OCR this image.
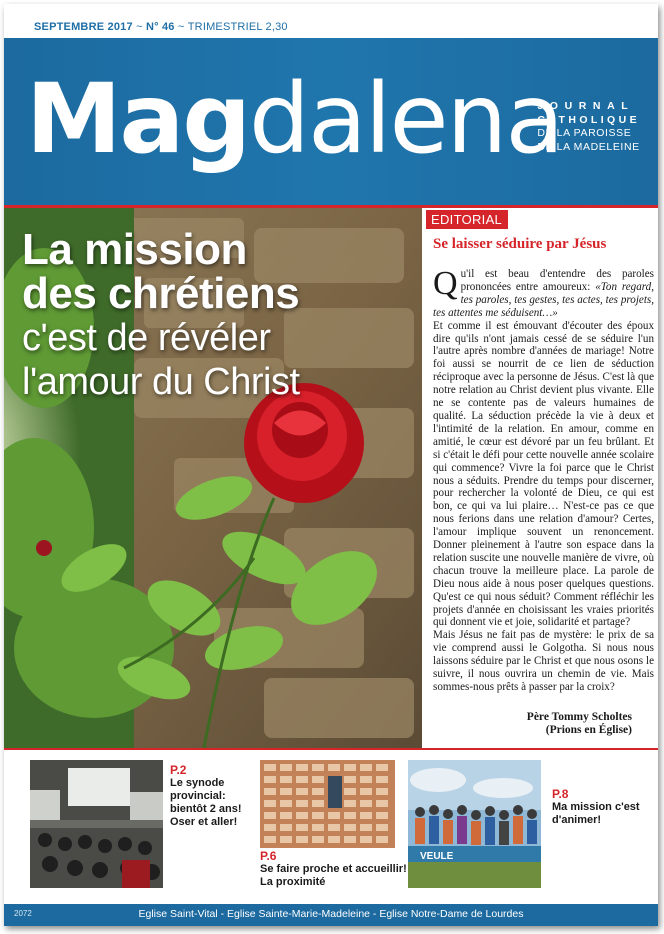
SEPTEMBRE 2017 ~ N° 46 ~ TRIMESTRIEL 2,30
Magdalena
JOURNAL
CATHOLIQUE
DE LA PAROISSE
DE LA MADELEINE
La mission
des chrétiens
c'est de révéler
l'amour du Christ
EDITORIAL
Se laisser séduire par Jésus

Qu'il est beau d'entendre des paroles prononcées entre amoureux: «Ton regard, tes paroles, tes gestes, tes actes, tes projets, tes attentes me séduisent…»

Et comme il est émouvant d'écouter des époux dire qu'ils n'ont jamais cessé de se séduire l'un l'autre après nombre d'années de mariage! Notre foi aussi se nourrit de ce lien de séduction réciproque avec la personne de Jésus. C'est là que notre relation au Christ devient plus vivante. Elle ne se contente pas de valeurs humaines de qualité. La séduction précède la vie à deux et l'intimité de la relation. En amour, comme en amitié, le cœur est dévoré par un feu brûlant. Et si c'était le défi pour cette nouvelle année scolaire qui commence? Vivre la foi parce que le Christ nous a séduits. Prendre du temps pour discerner, pour rechercher la volonté de Dieu, ce qui est bon, ce qui va lui plaire… N'est-ce pas ce que nous ferions dans une relation d'amour? Certes, l'amour implique souvent un renoncement. Donner pleinement à l'autre son espace dans la relation suscite une nouvelle manière de vivre, où chacun trouve la meilleure place. La parole de Dieu nous aide à nous poser quelques questions. Qu'est ce qui nous séduit? Comment réfléchir les projets d'année en choisissant les vraies priorités qui donnent vie et joie, solidarité et partage?

Mais Jésus ne fait pas de mystère: le prix de sa vie comprend aussi le Golgotha. Si nous nous laissons séduire par le Christ et que nous osons le suivre, il nous ouvrira un chemin de vie. Mais sommes-nous prêts à passer par la croix?

Père Tommy Scholtes
(Prions en Église)
P.2
Le synode
provincial:
bientôt 2 ans!
Oser et aller!
P.6
Se faire proche et accueillir!
La proximité
VEULE
P.8
Ma mission c'est
d'animer!
2072	Eglise Saint-Vital - Eglise Sainte-Marie-Madeleine - Eglise Notre-Dame de Lourdes
